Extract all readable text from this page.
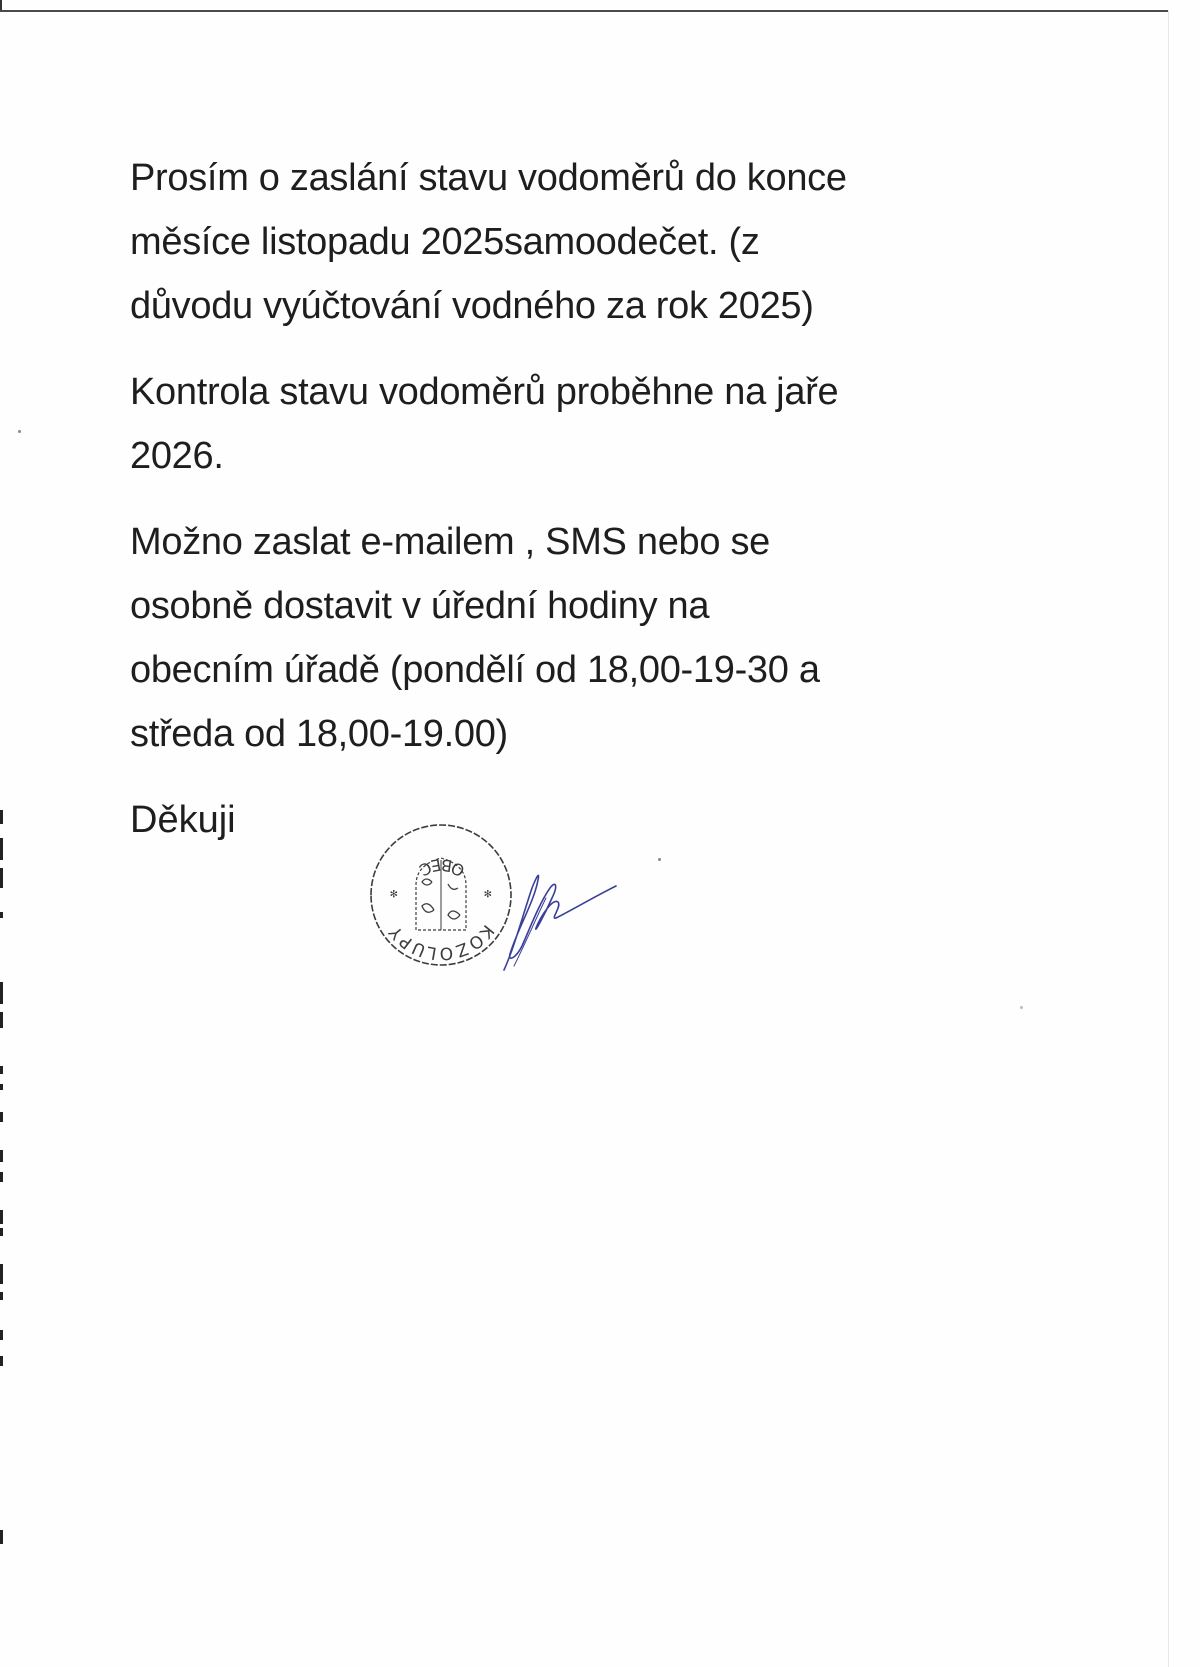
Prosím o zaslání stavu vodoměrů do konce
měsíce listopadu 2025samoodečet. (z
důvodu vyúčtování vodného za rok 2025)

Kontrola stavu vodoměrů proběhne na jaře
2026.

Možno zaslat e-mailem , SMS nebo se
osobně dostavit v úřední hodiny na
obecním úřadě (pondělí od 18,00-19-30 a
středa od 18,00-19.00)

Děkuji

KOZOLUPY
OBEC
✻
✻
